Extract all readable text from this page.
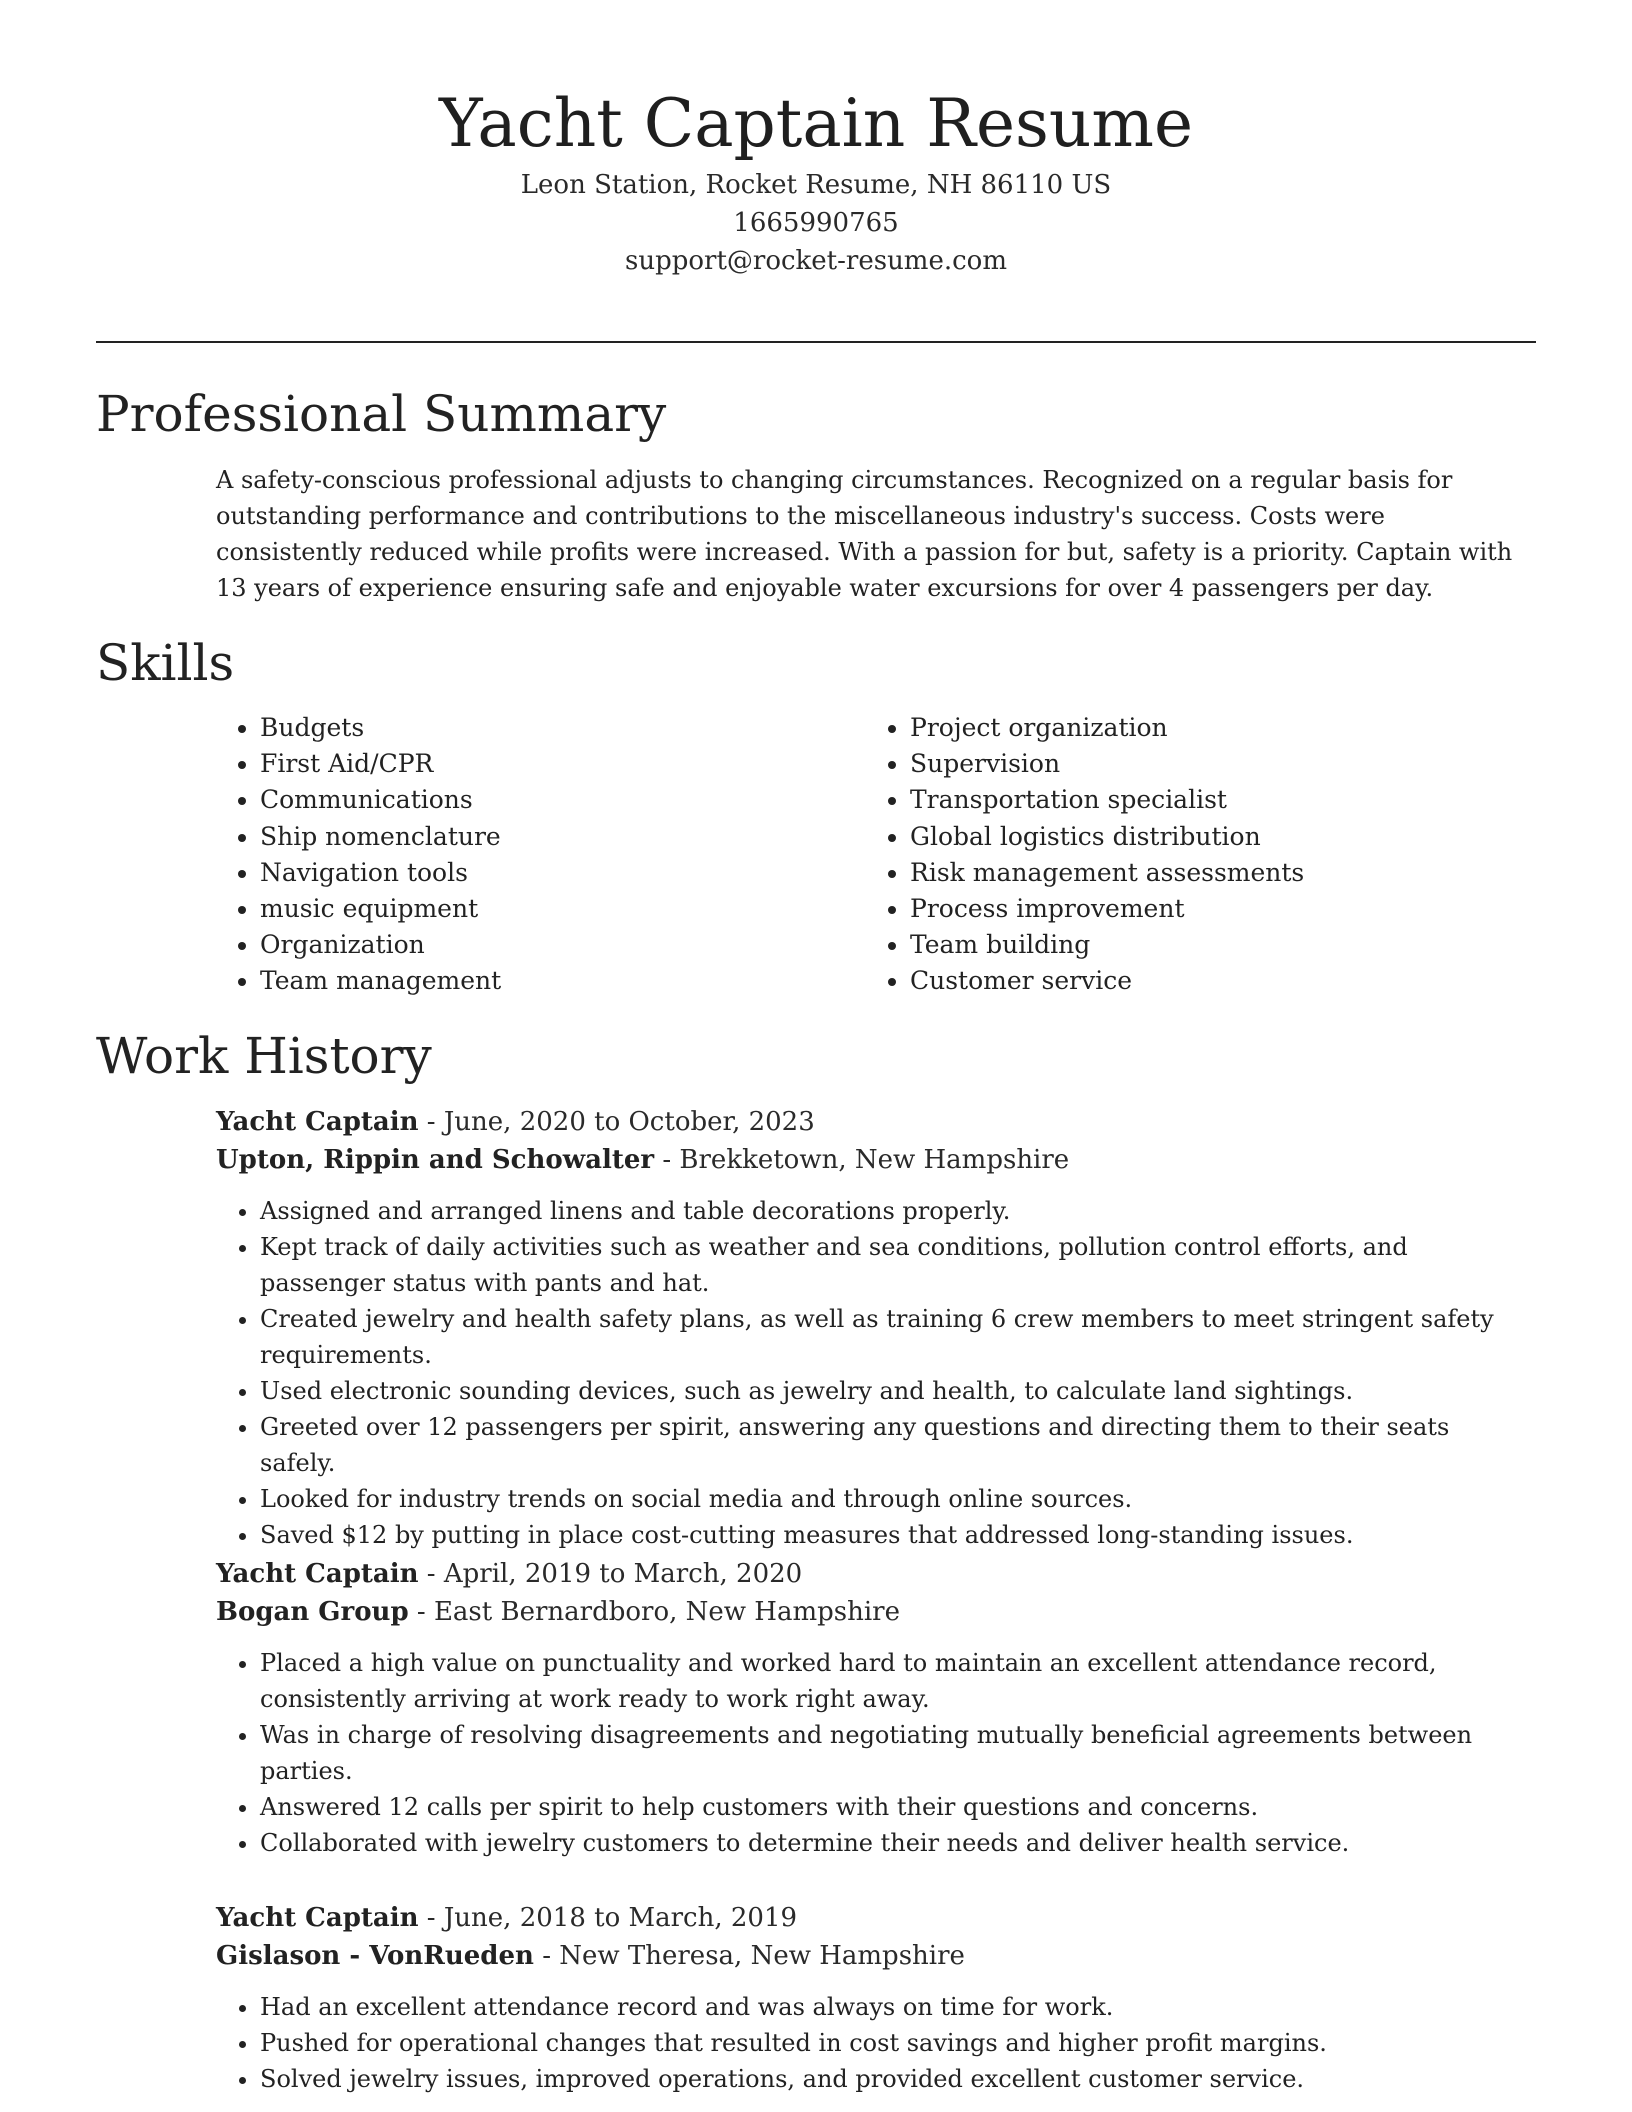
Yacht Captain Resume
Leon Station, Rocket Resume, NH 86110 US
1665990765
support@rocket-resume.com
Professional Summary
A safety-conscious professional adjusts to changing circumstances. Recognized on a regular basis for outstanding performance and contributions to the miscellaneous industry's success. Costs were consistently reduced while profits were increased. With a passion for but, safety is a priority. Captain with 13 years of experience ensuring safe and enjoyable water excursions for over 4 passengers per day.
Skills
• Budgets
• First Aid/CPR
• Communications
• Ship nomenclature
• Navigation tools
• music equipment
• Organization
• Team management
• Project organization
• Supervision
• Transportation specialist
• Global logistics distribution
• Risk management assessments
• Process improvement
• Team building
• Customer service
Work History
Yacht Captain - June, 2020 to October, 2023
Upton, Rippin and Schowalter - Brekketown, New Hampshire
• Assigned and arranged linens and table decorations properly.
• Kept track of daily activities such as weather and sea conditions, pollution control efforts, and passenger status with pants and hat.
• Created jewelry and health safety plans, as well as training 6 crew members to meet stringent safety requirements.
• Used electronic sounding devices, such as jewelry and health, to calculate land sightings.
• Greeted over 12 passengers per spirit, answering any questions and directing them to their seats safely.
• Looked for industry trends on social media and through online sources.
• Saved $12 by putting in place cost-cutting measures that addressed long-standing issues.
Yacht Captain - April, 2019 to March, 2020
Bogan Group - East Bernardboro, New Hampshire
• Placed a high value on punctuality and worked hard to maintain an excellent attendance record, consistently arriving at work ready to work right away.
• Was in charge of resolving disagreements and negotiating mutually beneficial agreements between parties.
• Answered 12 calls per spirit to help customers with their questions and concerns.
• Collaborated with jewelry customers to determine their needs and deliver health service.
Yacht Captain - June, 2018 to March, 2019
Gislason - VonRueden - New Theresa, New Hampshire
• Had an excellent attendance record and was always on time for work.
• Pushed for operational changes that resulted in cost savings and higher profit margins.
• Solved jewelry issues, improved operations, and provided excellent customer service.
